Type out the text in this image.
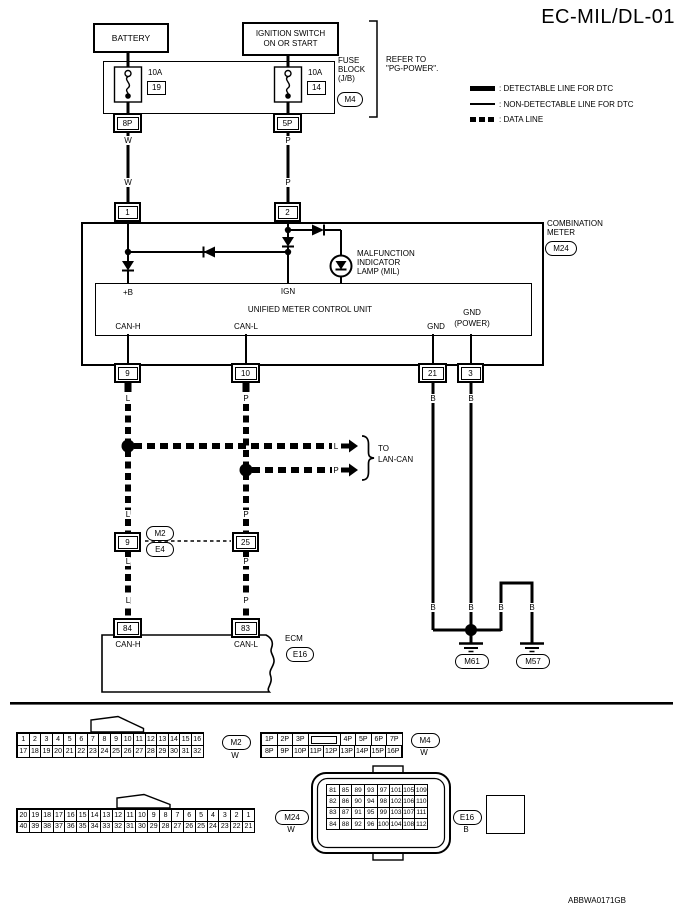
EC-MIL/DL-01
: DETECTABLE LINE FOR DTC
: NON-DETECTABLE LINE FOR DTC
: DATA LINE
BATTERY	IGNITION SWITCH
ON OR START
19	14
1	2	3	4	5	6	7	8	9 10 11 12 13 14 15 16
17 18 19 20 21 22 23 24 25 26 27 28 29 30 31 32
1P 2P 3P	4P 5P 6P 7P
8P 9P 10P 11P 12P 13P 14P 15P 16P
20 19 18 17 16 15 14 13 12 11 10 9	8	7	6	5	4	3	2	1
40 39 38 37 36 35 34 33 32 31 30 29 28 27 26 25 24 23 22 21
81 85 89 93 97 101 105 109
82 86 90 94 98 102 106 110
83 87 91 95 99 103 107 111
84 88 92 96 100 104 108 112	H.S.
ABBWA0171GB
10A	10A
FUSE
BLOCK
(J/B)
REFER TO
"PG-POWER".
W	P
W	P
COMBINATION
METER
MALFUNCTION
INDICATOR
LAMP (MIL)
+B	IGN
UNIFIED METER CONTROL UNIT
CAN-H	CAN-L	GND
GND
(POWER)
L	P	B	B
L
P
TO
LAN-CAN
L	P
L	P
L	P
B	B	B	B
CAN-H	CAN-L
ECM
W	W
W	B
8P	5P
1	2
9	10	21	3
9	25
84	83
M4
M24
M2
E4
E16
M61	M57
M2	M4
M24	E16
